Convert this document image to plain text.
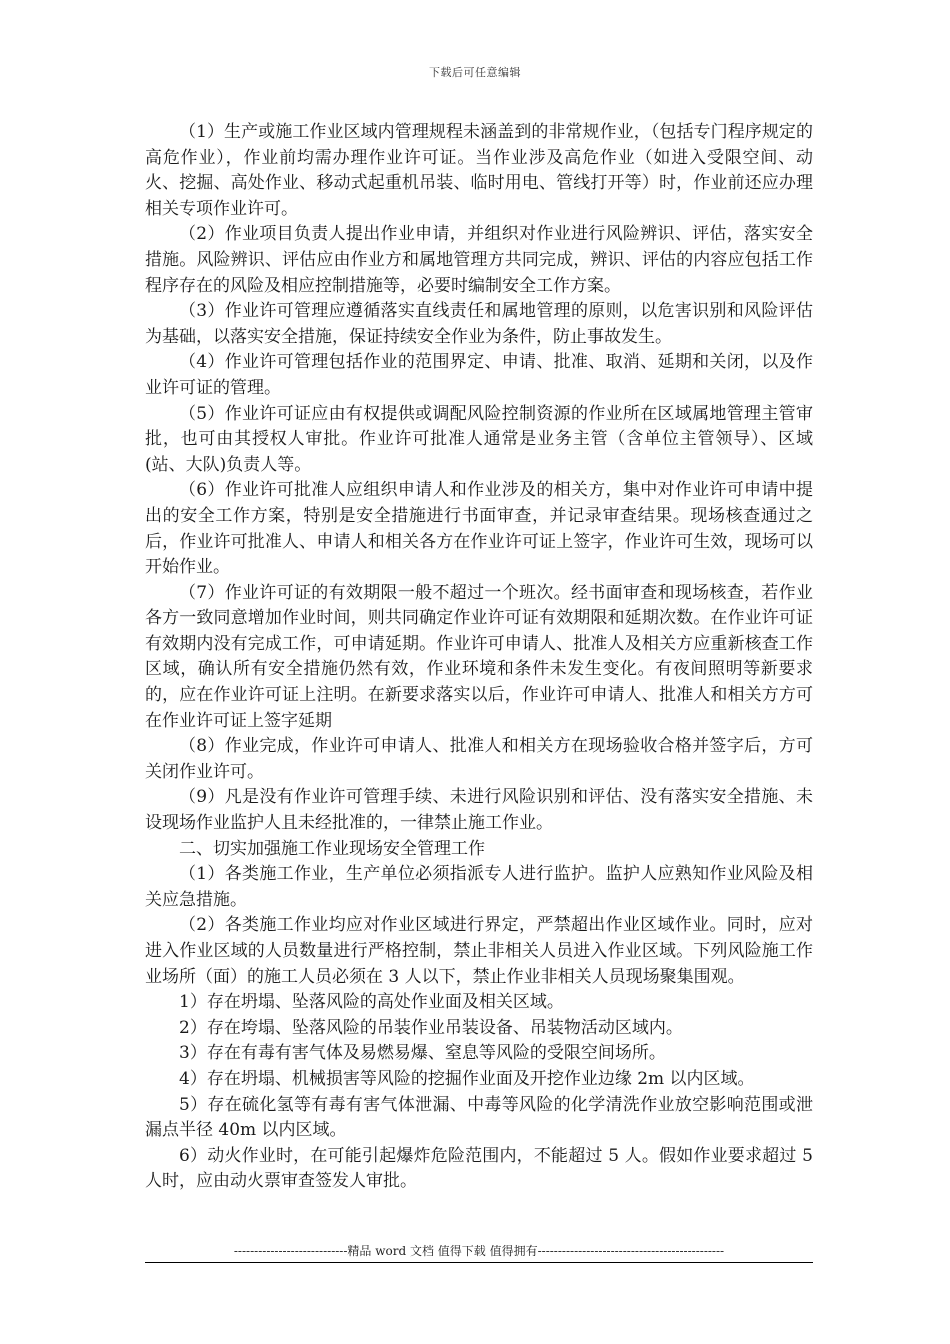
下载后可任意编辑

（1）生产或施工作业区域内管理规程未涵盖到的非常规作业，（包括专门程序规定的高危作业），作业前均需办理作业许可证。当作业涉及高危作业（如进入受限空间、动火、挖掘、高处作业、移动式起重机吊装、临时用电、管线打开等）时，作业前还应办理相关专项作业许可。

（2）作业项目负责人提出作业申请，并组织对作业进行风险辨识、评估，落实安全措施。风险辨识、评估应由作业方和属地管理方共同完成，辨识、评估的内容应包括工作程序存在的风险及相应控制措施等，必要时编制安全工作方案。

（3）作业许可管理应遵循落实直线责任和属地管理的原则，以危害识别和风险评估为基础，以落实安全措施，保证持续安全作业为条件，防止事故发生。

（4）作业许可管理包括作业的范围界定、申请、批准、取消、延期和关闭，以及作业许可证的管理。

（5）作业许可证应由有权提供或调配风险控制资源的作业所在区域属地管理主管审批，也可由其授权人审批。作业许可批准人通常是业务主管（含单位主管领导）、区域(站、大队)负责人等。

（6）作业许可批准人应组织申请人和作业涉及的相关方，集中对作业许可申请中提出的安全工作方案，特别是安全措施进行书面审查，并记录审查结果。现场核查通过之后，作业许可批准人、申请人和相关各方在作业许可证上签字，作业许可生效，现场可以开始作业。

（7）作业许可证的有效期限一般不超过一个班次。经书面审查和现场核查，若作业各方一致同意增加作业时间，则共同确定作业许可证有效期限和延期次数。在作业许可证有效期内没有完成工作，可申请延期。作业许可申请人、批准人及相关方应重新核查工作区域，确认所有安全措施仍然有效，作业环境和条件未发生变化。有夜间照明等新要求的，应在作业许可证上注明。在新要求落实以后，作业许可申请人、批准人和相关方方可在作业许可证上签字延期

（8）作业完成，作业许可申请人、批准人和相关方在现场验收合格并签字后，方可关闭作业许可。

（9）凡是没有作业许可管理手续、未进行风险识别和评估、没有落实安全措施、未设现场作业监护人且未经批准的，一律禁止施工作业。

二、切实加强施工作业现场安全管理工作

（1）各类施工作业，生产单位必须指派专人进行监护。监护人应熟知作业风险及相关应急措施。

（2）各类施工作业均应对作业区域进行界定，严禁超出作业区域作业。同时，应对进入作业区域的人员数量进行严格控制，禁止非相关人员进入作业区域。下列风险施工作业场所（面）的施工人员必须在 3 人以下，禁止作业非相关人员现场聚集围观。

1）存在坍塌、坠落风险的高处作业面及相关区域。

2）存在垮塌、坠落风险的吊装作业吊装设备、吊装物活动区域内。

3）存在有毒有害气体及易燃易爆、窒息等风险的受限空间场所。

4）存在坍塌、机械损害等风险的挖掘作业面及开挖作业边缘 2m 以内区域。

5）存在硫化氢等有毒有害气体泄漏、中毒等风险的化学清洗作业放空影响范围或泄漏点半径 40m 以内区域。

6）动火作业时，在可能引起爆炸危险范围内，不能超过 5 人。假如作业要求超过 5 人时，应由动火票审查签发人审批。

----------------------------精品 word 文档 值得下载 值得拥有----------------------------------------------
